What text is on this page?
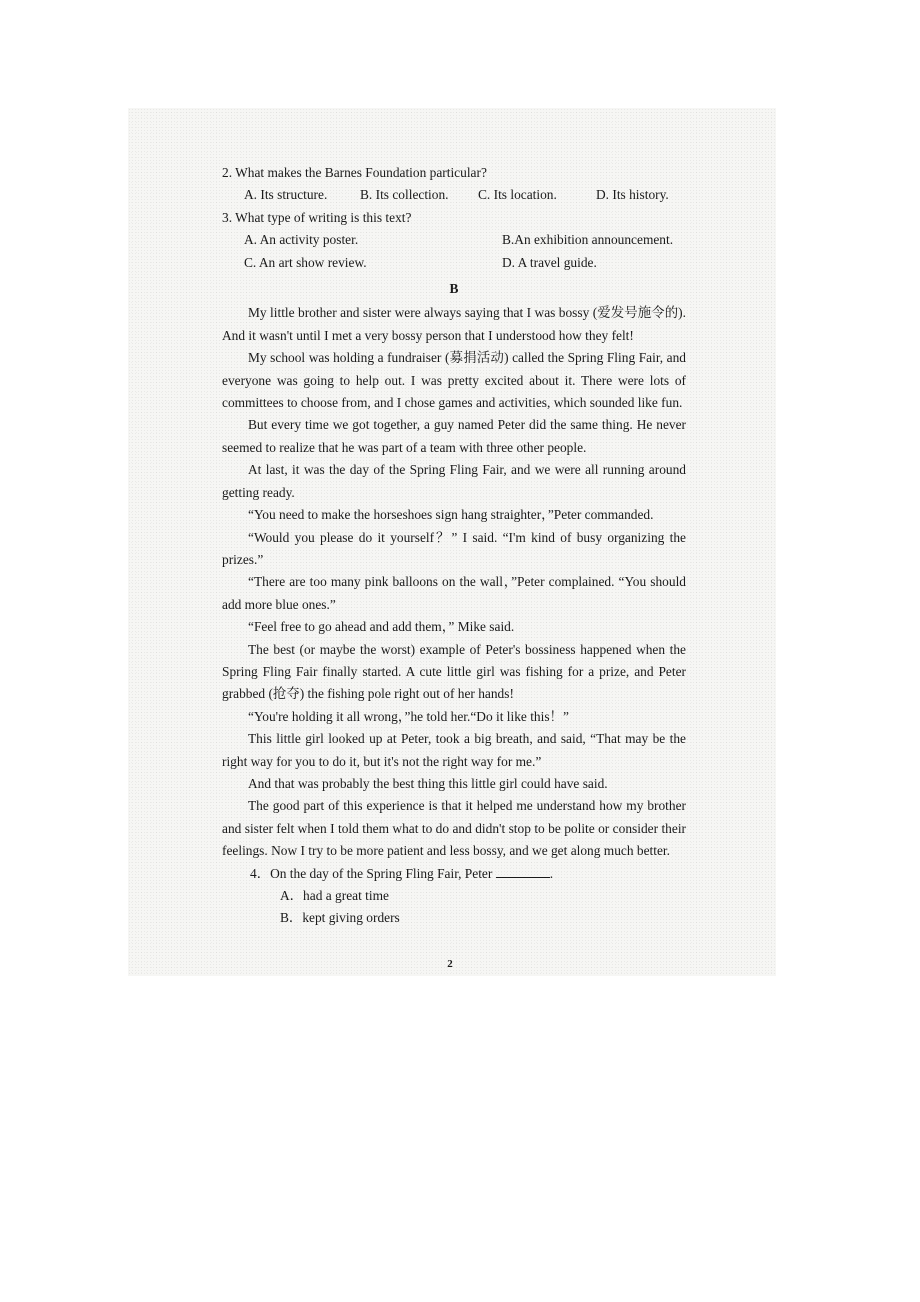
2. What makes the Barnes Foundation particular?

A. Its structure.	B. Its collection.	C. Its location.	D. Its history.

3. What type of writing is this text?

A. An activity poster.	B.An exhibition announcement.
C. An art show review.	D. A travel guide.

B

My little brother and sister were always saying that I was bossy (爱发号施令的). And it wasn't until I met a very bossy person that I understood how they felt!

My school was holding a fundraiser (募捐活动) called the Spring Fling Fair, and everyone was going to help out. I was pretty excited about it. There were lots of committees to choose from, and I chose games and activities, which sounded like fun.

But every time we got together, a guy named Peter did the same thing. He never seemed to realize that he was part of a team with three other people.

At last, it was the day of the Spring Fling Fair, and we were all running around getting ready.

“You need to make the horseshoes sign hang straighter，”Peter commanded.

“Would you please do it yourself？” I said. “I'm kind of busy organizing the prizes.”

“There are too many pink balloons on the wall，”Peter complained. “You should add more blue ones.”

“Feel free to go ahead and add them，” Mike said.

The best (or maybe the worst) example of Peter's bossiness happened when the Spring Fling Fair finally started. A cute little girl was fishing for a prize, and Peter grabbed (抢夺) the fishing pole right out of her hands!

“You're holding it all wrong，”he told her.“Do it like this！”

This little girl looked up at Peter, took a big breath, and said, “That may be the right way for you to do it, but it's not the right way for me.”

And that was probably the best thing this little girl could have said.

The good part of this experience is that it helped me understand how my brother and sister felt when I told them what to do and didn't stop to be polite or consider their feelings. Now I try to be more patient and less bossy, and we get along much better.

4．On the day of the Spring Fling Fair, Peter	.

A．had a great time

B．kept giving orders

2
